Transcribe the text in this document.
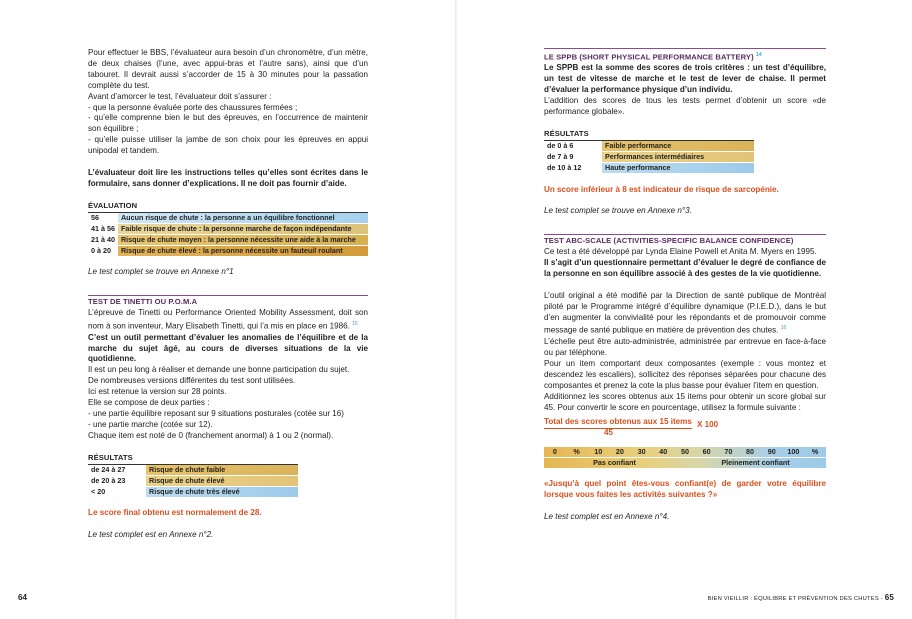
Pour effectuer le BBS, l’évaluateur aura besoin d’un chronomètre, d’un mètre, de deux chaises (l’une, avec appui-bras et l’autre sans), ainsi que d’un tabouret. Il devrait aussi s’accorder de 15 à 30 minutes pour la passation complète du test.

Avant d’amorcer le test, l’évaluateur doit s’assurer :

- que la personne évaluée porte des chaussures fermées ;

- qu’elle comprenne bien le but des épreuves, en l’occurrence de maintenir son équilibre ;

- qu’elle puisse utiliser la jambe de son choix pour les épreuves en appui unipodal et tandem.

L’évaluateur doit lire les instructions telles qu’elles sont écrites dans le formulaire, sans donner d’explications. Il ne doit pas fournir d’aide.

ÉVALUATION
56	Aucun risque de chute : la personne a un équilibre fonctionnel
41 à 56	Faible risque de chute : la personne marche de façon indépendante
21 à 40	Risque de chute moyen : la personne nécessite une aide à la marche
0 à 20	Risque de chute élevé : la personne nécessite un fauteuil roulant

Le test complet se trouve en Annexe n°1

TEST DE TINETTI OU P.O.M.A

L’épreuve de Tinetti ou Performance Oriented Mobility Assessment, doit son nom à son inventeur, Mary Elisabeth Tinetti, qui l’a mis en place en 1986. $^{15}$

C’est un outil permettant d’évaluer les anomalies de l’équilibre et de la marche du sujet âgé, au cours de diverses situations de la vie quotidienne.

Il est un peu long à réaliser et demande une bonne participation du sujet.

De nombreuses versions différentes du test sont utilisées.

Ici est retenue la version sur 28 points.

Elle se compose de deux parties :

- une partie équilibre reposant sur 9 situations posturales (cotée sur 16)

- une partie marche (cotée sur 12).

Chaque item est noté de 0 (franchement anormal) à 1 ou 2 (normal).

RÉSULTATS
de 24 à 27	Risque de chute faible
de 20 à 23	Risque de chute élevé
< 20	Risque de chute très élevé

Le score final obtenu est normalement de 28.

Le test complet est en Annexe n°2.

64
LE SPPB (SHORT PHYSICAL PERFORMANCE BATTERY) $^{14}$

Le SPPB est la somme des scores de trois critères : un test d’équilibre, un test de vitesse de marche et le test de lever de chaise. Il permet d’évaluer la performance physique d’un individu.

L’addition des scores de tous les tests permet d’obtenir un score «de performance globale».

RÉSULTATS
de 0 à 6	Faible performance
de 7 à 9	Performances intermédiaires
de 10 à 12	Haute performance

Un score inférieur à 8 est indicateur de risque de sarcopénie.

Le test complet se trouve en Annexe n°3.

TEST ABC-SCALE (ACTIVITIES-SPECIFIC BALANCE CONFIDENCE)

Ce test a été développé par Lynda Elaine Powell et Anita M. Myers en 1995.

Il s’agit d’un questionnaire permettant d’évaluer le degré de confiance de la personne en son équilibre associé à des gestes de la vie quotidienne.

L’outil original a été modifié par la Direction de santé publique de Montréal piloté par le Programme intégré d’équilibre dynamique (P.I.E.D.), dans le but d’en augmenter la convivialité pour les répondants et de promouvoir comme message de santé publique en matière de prévention des chutes. $^{16}$

L’échelle peut être auto-administrée, administrée par entrevue en face-à-face ou par téléphone.

Pour un item comportant deux composantes (exemple : vous montez et descendez les escaliers), sollicitez des réponses séparées pour chacune des composantes et prenez la cote la plus basse pour évaluer l’item en question.

Additionnez les scores obtenus aux 15 items pour obtenir un score global sur 45. Pour convertir le score en pourcentage, utilisez la formule suivante :

Total des scores obtenus aux 15 items
45
X 100
0	%	10	20	30	40	50	60	70	80	90	100	%
Pas confiant	Pleinement confiant

«Jusqu’à quel point êtes-vous confiant(e) de garder votre équilibre lorsque vous faites les activités suivantes ?»

Le test complet est en Annexe n°4.

BIEN VIEILLIR : ÉQUILIBRE ET PRÉVENTION DES CHUTES - 65
